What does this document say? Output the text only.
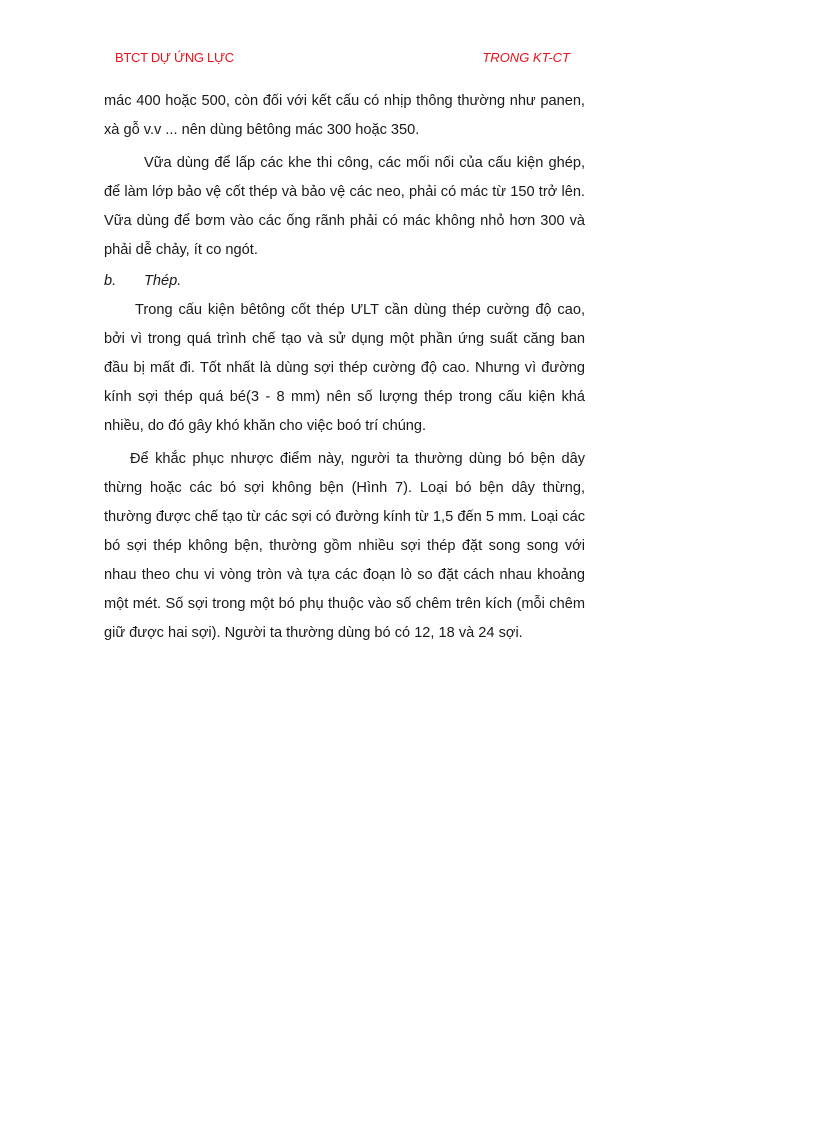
BTCT DỰ ỨNG LỰC	TRONG KT-CT

mác 400 hoặc 500, còn đối với kết cấu có nhịp thông thường như panen, xà gỗ v.v ... nên dùng bêtông mác 300 hoặc 350.

Vữa dùng để lấp các khe thi công, các mối nối của cấu kiện ghép, để làm lớp bảo vệ cốt thép và bảo vệ các neo, phải có mác từ 150 trở lên. Vữa dùng để bơm vào các ống rãnh phải có mác không nhỏ hơn 300 và phải dễ chảy, ít co ngót.

b.	Thép.

Trong cấu kiện bêtông cốt thép ƯLT cần dùng thép cường độ cao, bởi vì trong quá trình chế tạo và sử dụng một phần ứng suất căng ban đầu bị mất đi. Tốt nhất là dùng sợi thép cường độ cao. Nhưng vì đường kính sợi thép quá bé(3 - 8 mm) nên số lượng thép trong cấu kiện khá nhiều, do đó gây khó khăn cho việc boó trí chúng.

Để khắc phục nhược điểm này, người ta thường dùng bó bện dây thừng hoặc các bó sợi không bện (Hình 7). Loại bó bện dây thừng, thường được chế tạo từ các sợi có đường kính từ 1,5 đến 5 mm. Loại các bó sợi thép không bện, thường gồm nhiều sợi thép đặt song song với nhau theo chu vi vòng tròn và tựa các đoạn lò so đặt cách nhau khoảng một mét. Số sợi trong một bó phụ thuộc vào số chêm trên kích (mỗi chêm giữ được hai sợi). Người ta thường dùng bó có 12, 18 và 24 sợi.
